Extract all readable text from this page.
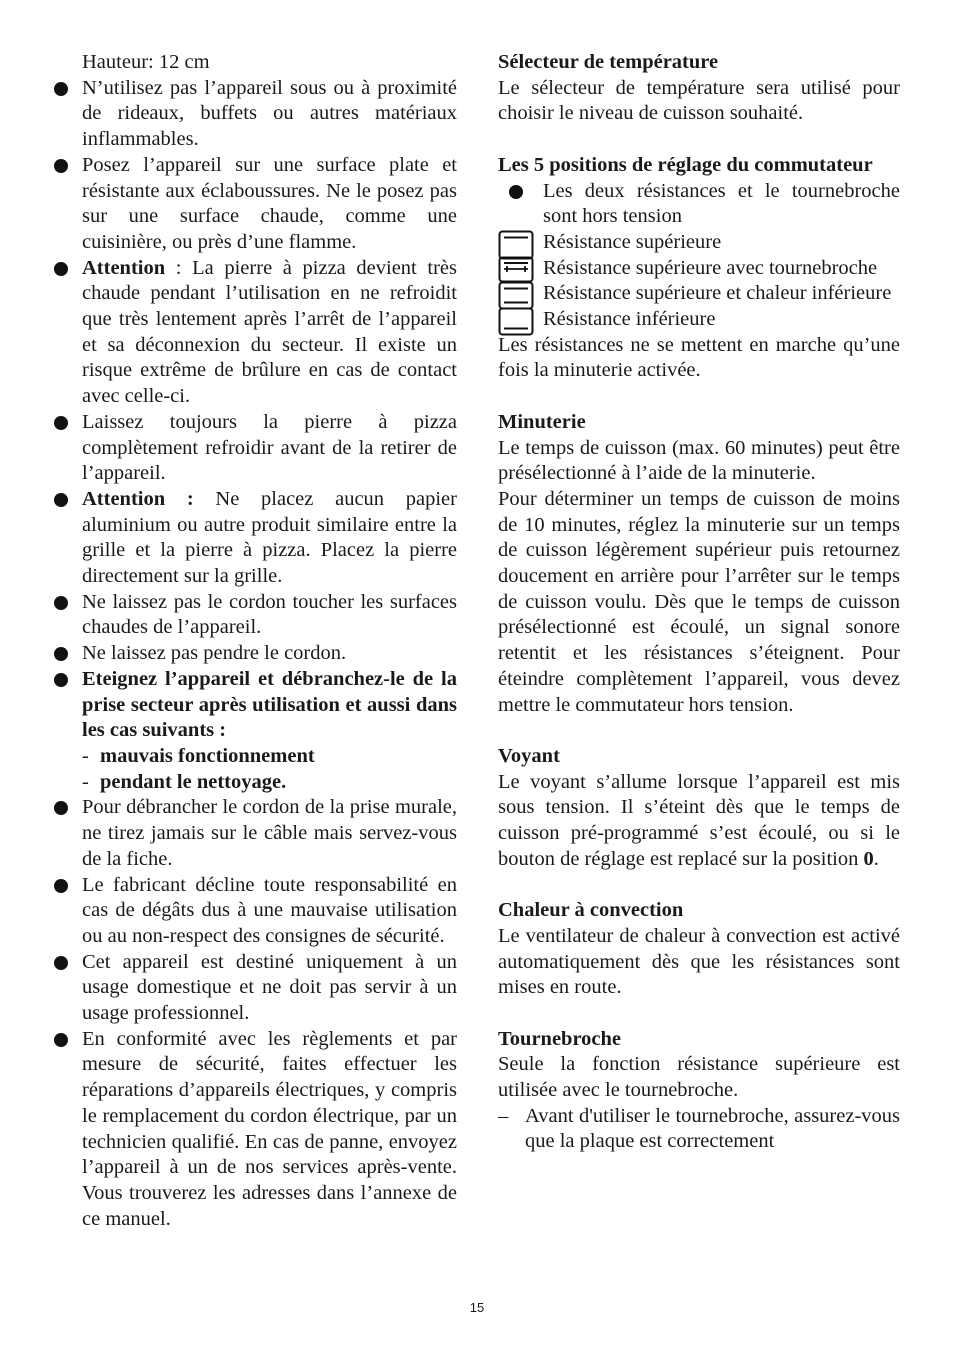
Hauteur: 12 cm

N’utilisez pas l’appareil sous ou à proximité de rideaux, buffets ou autres matériaux inflammables.
Posez l’appareil sur une surface plate et résistante aux éclaboussures. Ne le posez pas sur une surface chaude, comme une cuisinière, ou près d’une flamme.
Attention : La pierre à pizza devient très chaude pendant l’utilisation en ne refroidit que très lentement après l’arrêt de l’appareil et sa déconnexion du secteur. Il existe un risque extrême de brûlure en cas de contact avec celle-ci.
Laissez toujours la pierre à pizza complètement refroidir avant de la retirer de l’appareil.
Attention : Ne placez aucun papier aluminium ou autre produit similaire entre la grille et la pierre à pizza. Placez la pierre directement sur la grille.
Ne laissez pas le cordon toucher les surfaces chaudes de l’appareil.
Ne laissez pas pendre le cordon.
Eteignez l’appareil et débranchez-le de la prise secteur après utilisation et aussi dans les cas suivants :
- mauvais fonctionnement
- pendant le nettoyage.
Pour débrancher le cordon de la prise murale, ne tirez jamais sur le câble mais servez-vous de la fiche.
Le fabricant décline toute responsabilité en cas de dégâts dus à une mauvaise utilisation ou au non-respect des consignes de sécurité.
Cet appareil est destiné uniquement à un usage domestique et ne doit pas servir à un usage professionnel.
En conformité avec les règlements et par mesure de sécurité, faites effectuer les réparations d’appareils électriques, y compris le remplacement du cordon électrique, par un technicien qualifié. En cas de panne, envoyez l’appareil à un de nos services après-vente. Vous trouverez les adresses dans l’annexe de ce manuel.
Sélecteur de température

Le sélecteur de température sera utilisé pour choisir le niveau de cuisson souhaité.

Les 5 positions de réglage du commutateur
Les deux résistances et le tournebroche sont hors tension
Résistance supérieure
Résistance supérieure avec tournebroche
Résistance supérieure et chaleur inférieure
Résistance inférieure

Les résistances ne se mettent en marche qu’une fois la minuterie activée.

Minuterie

Le temps de cuisson (max. 60 minutes) peut être présélectionné à l’aide de la minuterie.

Pour déterminer un temps de cuisson de moins de 10 minutes, réglez la minuterie sur un temps de cuisson légèrement supérieur puis retournez doucement en arrière pour l’arrêter sur le temps de cuisson voulu. Dès que le temps de cuisson présélectionné est écoulé, un signal sonore retentit et les résistances s’éteignent. Pour éteindre complètement l’appareil, vous devez mettre le commutateur hors tension.

Voyant

Le voyant s’allume lorsque l’appareil est mis sous tension. Il s’éteint dès que le temps de cuisson pré-programmé s’est écoulé, ou si le bouton de réglage est replacé sur la position 0.

Chaleur à convection

Le ventilateur de chaleur à convection est activé automatiquement dès que les résistances sont mises en route.

Tournebroche

Seule la fonction résistance supérieure est utilisée avec le tournebroche.

– Avant d'utiliser le tournebroche, assurez-vous que la plaque est correctement
15
